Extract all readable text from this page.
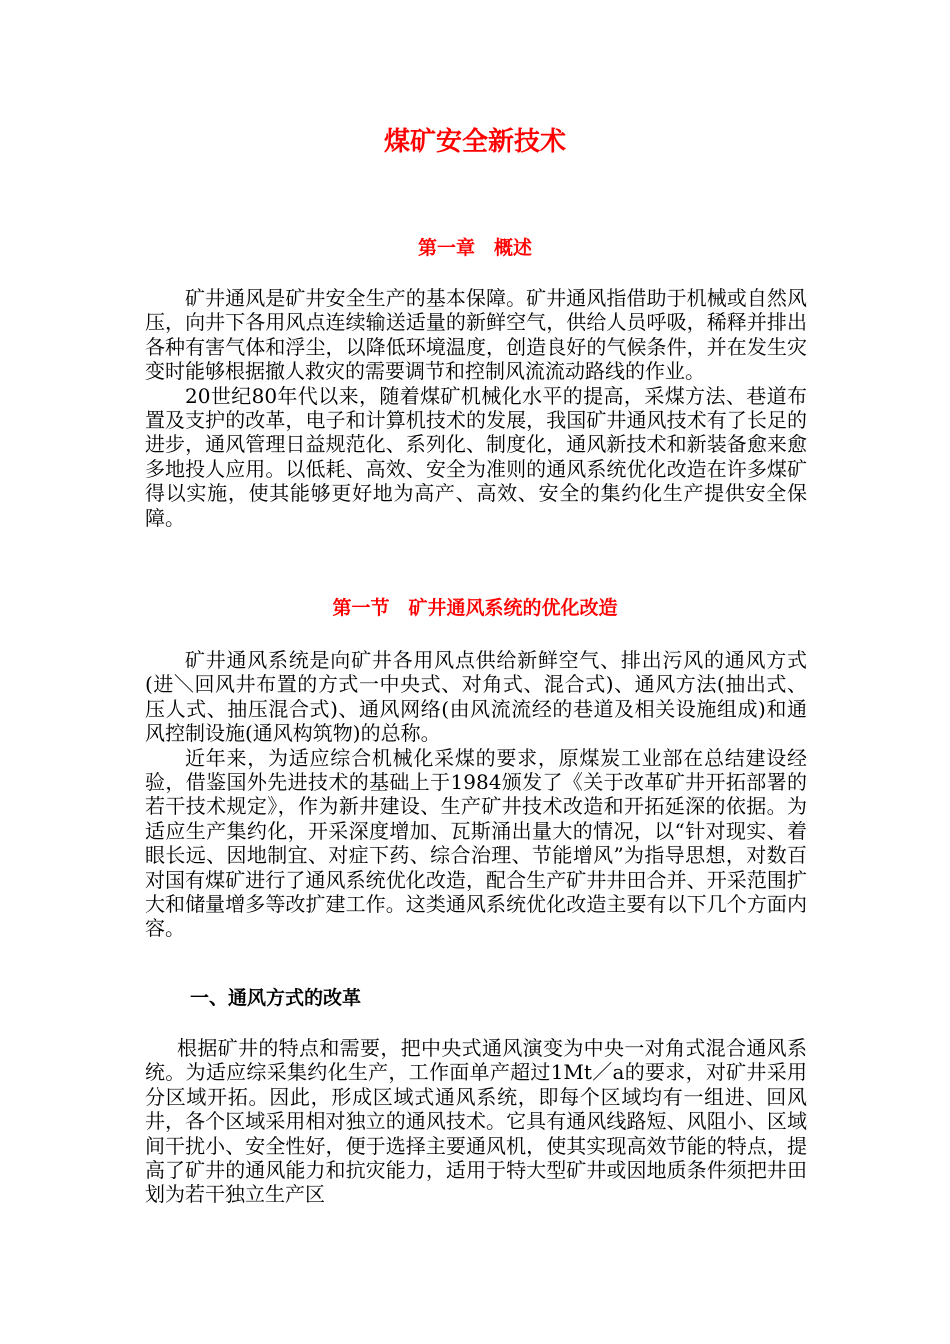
煤矿安全新技术
第一章　概述

矿井通风是矿井安全生产的基本保障。矿井通风指借助于机械或自然风压，向井下各用风点连续输送适量的新鲜空气，供给人员呼吸，稀释并排出各种有害气体和浮尘，以降低环境温度，创造良好的气候条件，并在发生灾变时能够根据撤人救灾的需要调节和控制风流流动路线的作业。

20世纪80年代以来，随着煤矿机械化水平的提高，采煤方法、巷道布置及支护的改革，电子和计算机技术的发展，我国矿井通风技术有了长足的进步，通风管理日益规范化、系列化、制度化，通风新技术和新装备愈来愈多地投人应用。以低耗、高效、安全为准则的通风系统优化改造在许多煤矿得以实施，使其能够更好地为高产、高效、安全的集约化生产提供安全保障。

第一节　矿井通风系统的优化改造

矿井通风系统是向矿井各用风点供给新鲜空气、排出污风的通风方式(进＼回风井布置的方式一中央式、对角式、混合式)、通风方法(抽出式、压人式、抽压混合式)、通风网络(由风流流经的巷道及相关设施组成)和通风控制设施(通风构筑物)的总称。

近年来，为适应综合机械化采煤的要求，原煤炭工业部在总结建设经验，借鉴国外先进技术的基础上于1984颁发了《关于改革矿井开拓部署的若干技术规定》，作为新井建设、生产矿井技术改造和开拓延深的依据。为适应生产集约化，开采深度增加、瓦斯涌出量大的情况，以“针对现实、着眼长远、因地制宜、对症下药、综合治理、节能增风”为指导思想，对数百对国有煤矿进行了通风系统优化改造，配合生产矿井井田合并、开采范围扩大和储量增多等改扩建工作。这类通风系统优化改造主要有以下几个方面内容。

一、通风方式的改革

根据矿井的特点和需要，把中央式通风演变为中央一对角式混合通风系统。为适应综采集约化生产，工作面单产超过1Mt／a的要求，对矿井采用分区域开拓。因此，形成区域式通风系统，即每个区域均有一组进、回风井，各个区域采用相对独立的通风技术。它具有通风线路短、风阻小、区域间干扰小、安全性好，便于选择主要通风机，使其实现高效节能的特点，提高了矿井的通风能力和抗灾能力，适用于特大型矿井或因地质条件须把井田划为若干独立生产区
